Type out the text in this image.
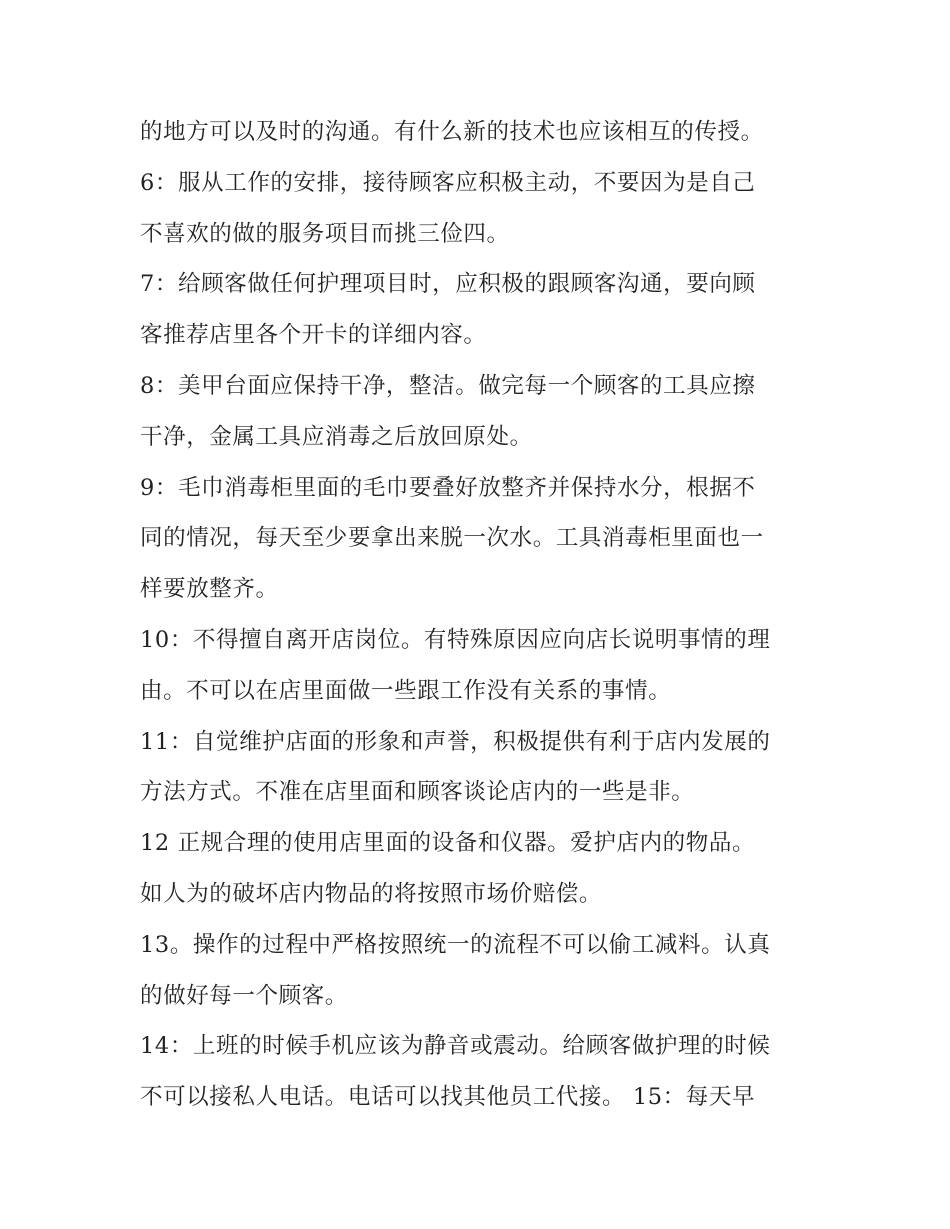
的地方可以及时的沟通。有什么新的技术也应该相互的传授。
6：服从工作的安排，接待顾客应积极主动，不要因为是自己
不喜欢的做的服务项目而挑三俭四。
7：给顾客做任何护理项目时，应积极的跟顾客沟通，要向顾
客推荐店里各个开卡的详细内容。
8：美甲台面应保持干净，整洁。做完每一个顾客的工具应擦
干净，金属工具应消毒之后放回原处。
9：毛巾消毒柜里面的毛巾要叠好放整齐并保持水分，根据不
同的情况，每天至少要拿出来脱一次水。工具消毒柜里面也一
样要放整齐。
10：不得擅自离开店岗位。有特殊原因应向店长说明事情的理
由。不可以在店里面做一些跟工作没有关系的事情。
11：自觉维护店面的形象和声誉，积极提供有利于店内发展的
方法方式。不准在店里面和顾客谈论店内的一些是非。
12 正规合理的使用店里面的设备和仪器。爱护店内的物品。
如人为的破坏店内物品的将按照市场价赔偿。
13。操作的过程中严格按照统一的流程不可以偷工减料。认真
的做好每一个顾客。
14：上班的时候手机应该为静音或震动。给顾客做护理的时候
不可以接私人电话。电话可以找其他员工代接。 15：每天早
